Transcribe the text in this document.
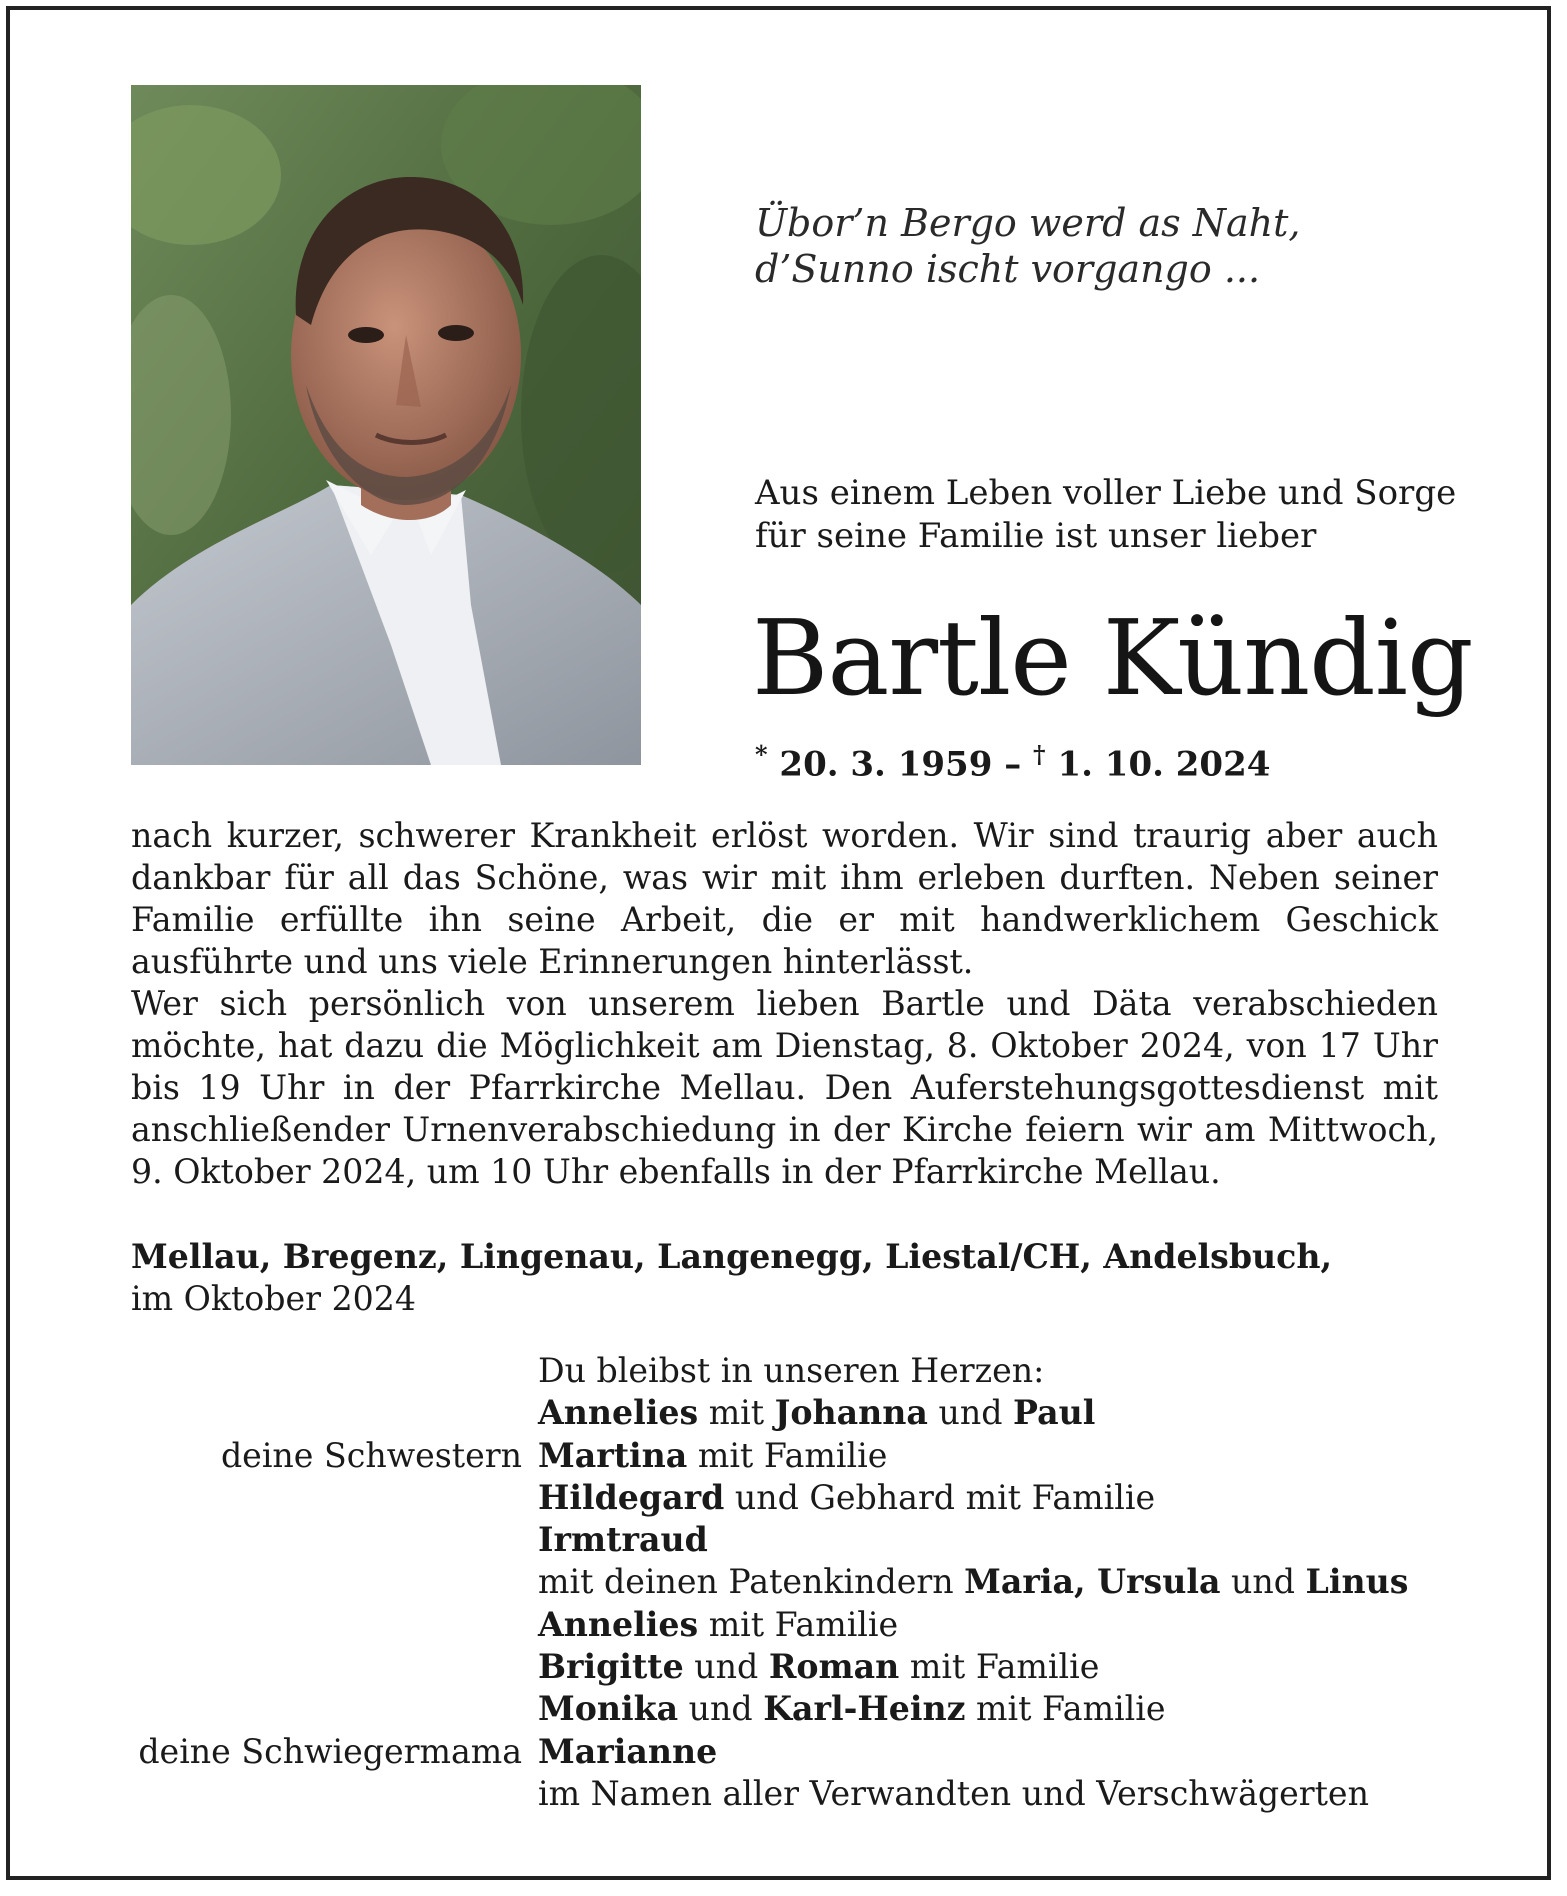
Übor’n Bergo werd as Naht,
d’Sunno ischt vorgango ...
Aus einem Leben voller Liebe und Sorge
für seine Familie ist unser lieber
Bartle Kündig
* 20. 3. 1959 – † 1. 10. 2024

nach kurzer, schwerer Krankheit erlöst worden. Wir sind traurig aber auch dankbar für all das Schöne, was wir mit ihm erleben durften. Neben seiner Familie erfüllte ihn seine Arbeit, die er mit handwerklichem Geschick ausführte und uns viele Erinnerungen hinterlässt.

Wer sich persönlich von unserem lieben Bartle und Däta verabschieden möchte, hat dazu die Möglichkeit am Dienstag, 8. Oktober 2024, von 17 Uhr bis 19 Uhr in der Pfarrkirche Mellau. Den Auferstehungsgottesdienst mit anschließender Urnenverabschiedung in der Kirche feiern wir am Mittwoch, 9. Oktober 2024, um 10 Uhr ebenfalls in der Pfarrkirche Mellau.

Mellau, Bregenz, Lingenau, Langenegg, Liestal/CH, Andelsbuch,
im Oktober 2024
Du bleibst in unseren Herzen:
Annelies mit Johanna und Paul
deine Schwestern Martina mit Familie
Hildegard und Gebhard mit Familie
Irmtraud
mit deinen Patenkindern Maria, Ursula und Linus
Annelies mit Familie
Brigitte und Roman mit Familie
Monika und Karl-Heinz mit Familie
deine Schwiegermama Marianne
im Namen aller Verwandten und Verschwägerten
